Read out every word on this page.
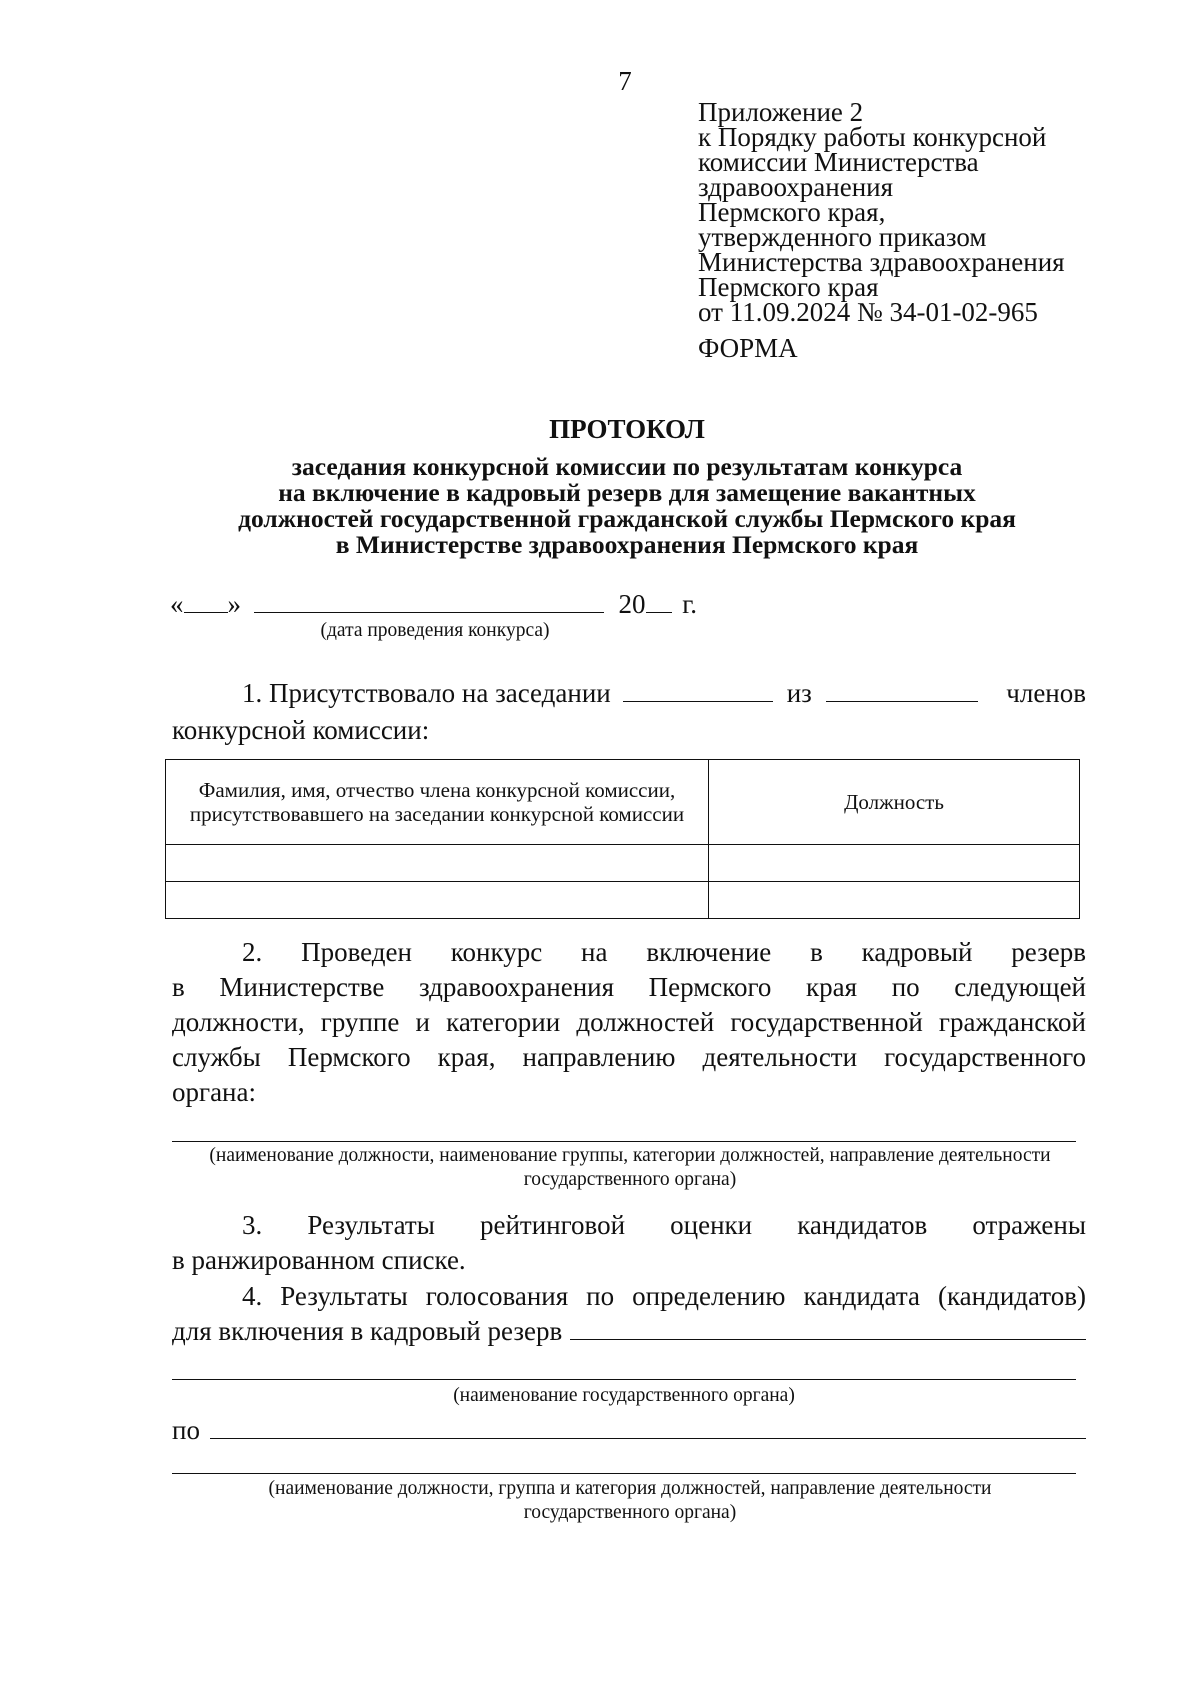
7
Приложение 2
к Порядку работы конкурсной
комиссии Министерства
здравоохранения
Пермского края,
утвержденного приказом
Министерства здравоохранения
Пермского края
от 11.09.2024 № 34-01-02-965
ФОРМА
ПРОТОКОЛ
заседания конкурсной комиссии по результатам конкурса
на включение в кадровый резерв для замещение вакантных
должностей государственной гражданской службы Пермского края
в Министерстве здравоохранения Пермского края
« »	20 г.
(дата проведения конкурса)
1. Присутствовало на заседании	из	членов
конкурсной комиссии:
Фамилия, имя, отчество члена конкурсной комиссии, присутствовавшего на заседании конкурсной комиссии	Должность

2. Проведен конкурс на включение в кадровый резерв
в Министерстве здравоохранения Пермского края по следующей
должности, группе и категории должностей государственной гражданской
службы Пермского края, направлению деятельности государственного
органа:
(наименование должности, наименование группы, категории должностей, направление деятельности государственного органа)
3. Результаты рейтинговой оценки кандидатов отражены
в ранжированном списке.
4. Результаты голосования по определению кандидата (кандидатов)
для включения в кадровый резерв
(наименование государственного органа)
по
(наименование должности, группа и категория должностей, направление деятельности государственного органа)
